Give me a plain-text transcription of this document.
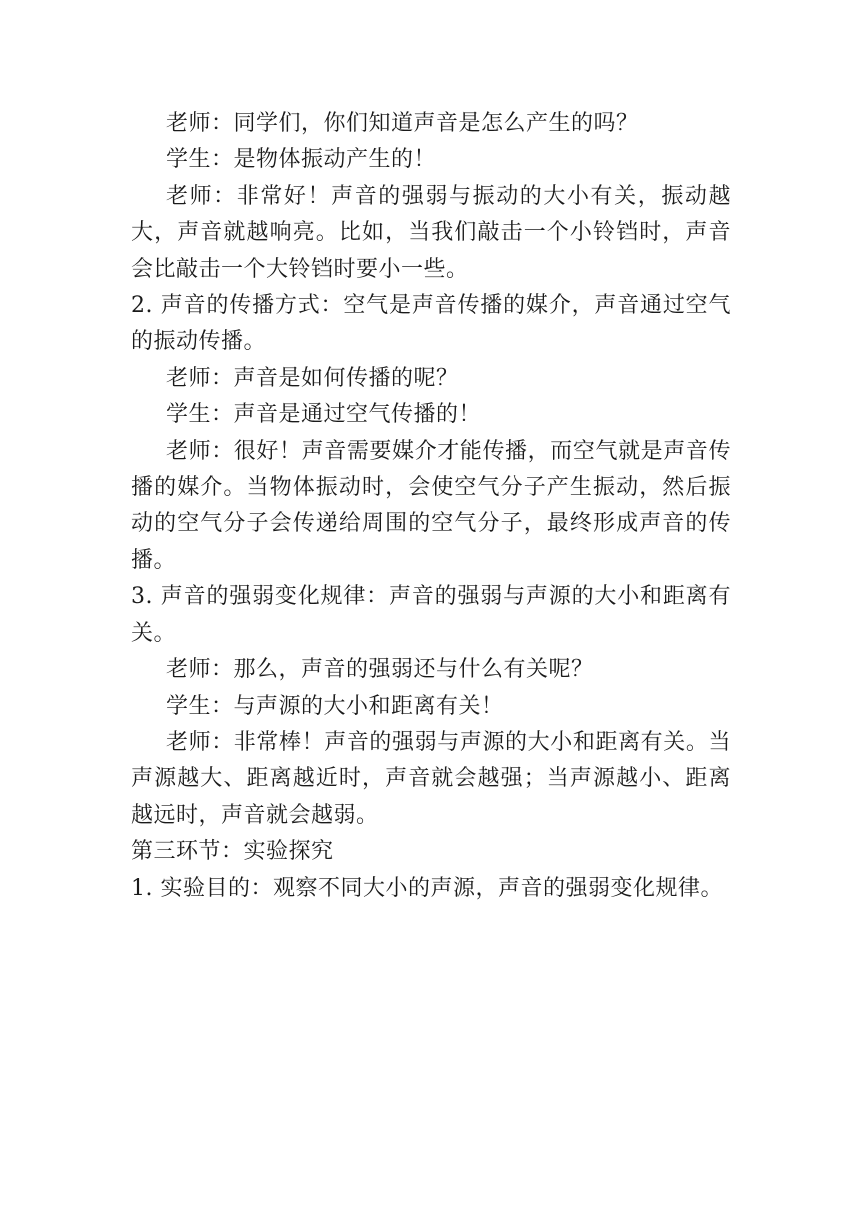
老师：同学们，你们知道声音是怎么产生的吗？

学生：是物体振动产生的！

老师：非常好！声音的强弱与振动的大小有关，振动越大，声音就越响亮。比如，当我们敲击一个小铃铛时，声音会比敲击一个大铃铛时要小一些。

2. 声音的传播方式：空气是声音传播的媒介，声音通过空气的振动传播。

老师：声音是如何传播的呢？

学生：声音是通过空气传播的！

老师：很好！声音需要媒介才能传播，而空气就是声音传播的媒介。当物体振动时，会使空气分子产生振动，然后振动的空气分子会传递给周围的空气分子，最终形成声音的传播。

3. 声音的强弱变化规律：声音的强弱与声源的大小和距离有关。

老师：那么，声音的强弱还与什么有关呢？

学生：与声源的大小和距离有关！

老师：非常棒！声音的强弱与声源的大小和距离有关。当声源越大、距离越近时，声音就会越强；当声源越小、距离越远时，声音就会越弱。

第三环节：实验探究

1. 实验目的：观察不同大小的声源，声音的强弱变化规律。
